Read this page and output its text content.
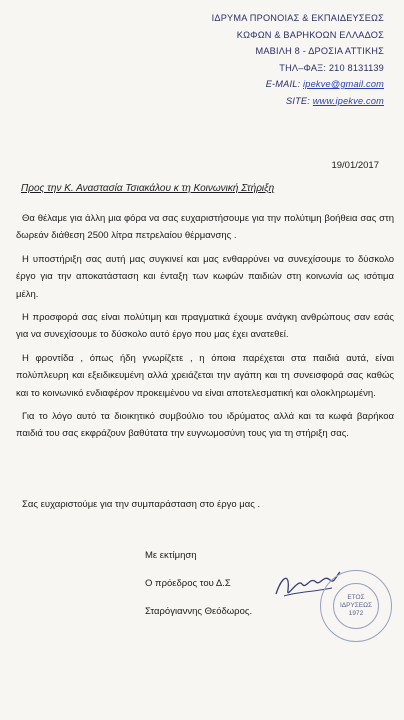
ΙΔΡΥΜΑ ΠΡΟΝΟΙΑΣ & ΕΚΠΑΙΔΕΥΣΕΩΣ
ΚΩΦΩΝ & ΒΑΡΗΚΟΩΝ ΕΛΛΑΔΟΣ
ΜΑΒΙΛΗ 8 - ΔΡΟΣΙΑ ΑΤΤΙΚΗΣ
ΤΗΛ–ΦΑΞ: 210 8131139
E-MAIL: ipekve@gmail.com
SITE: www.ipekve.com
19/01/2017
Προς την Κ. Αναστασία Τσιακάλου κ τη Κοινωνική Στήριξη

Θα θέλαμε για άλλη μια φόρα να σας ευχαριστήσουμε για την πολύτιμη βοήθεια σας στη δωρεάν διάθεση 2500 λίτρα πετρελαίου θέρμανσης .

Η υποστήριξη σας αυτή μας συγκινεί και μας ενθαρρύνει να συνεχίσουμε το δύσκολο έργο για την αποκατάσταση και ένταξη των κωφών παιδιών στη κοινωνία ως ισότιμα μέλη.

Η προσφορά σας είναι πολύτιμη και πραγματικά έχουμε ανάγκη ανθρώπους σαν εσάς για να συνεχίσουμε το δύσκολο αυτό έργο που μας έχει ανατεθεί.

Η φροντίδα , όπως ήδη γνωρίζετε , η όποια παρέχεται στα παιδιά αυτά, είναι πολύπλευρη και εξειδικευμένη αλλά χρειάζεται την αγάπη και τη συνεισφορά σας καθώς και το κοινωνικό ενδιαφέρον προκειμένου να είναι αποτελεσματική και ολοκληρωμένη.

Για το λόγο αυτό τα διοικητικό συμβούλιο του ιδρύματος αλλά και τα κωφά βαρήκοα παιδιά του σας εκφράζουν βαθύτατα την ευγνωμοσύνη τους για τη στήριξη σας.

Σας ευχαριστούμε για την συμπαράσταση στο έργο μας .
Με εκτίμηση
Ο πρόεδρος του Δ.Σ
Σταρόγιαννης Θεόδωρος.
ΕΤΟΣ
ΙΔΡΥΣΕΩΣ
1972
